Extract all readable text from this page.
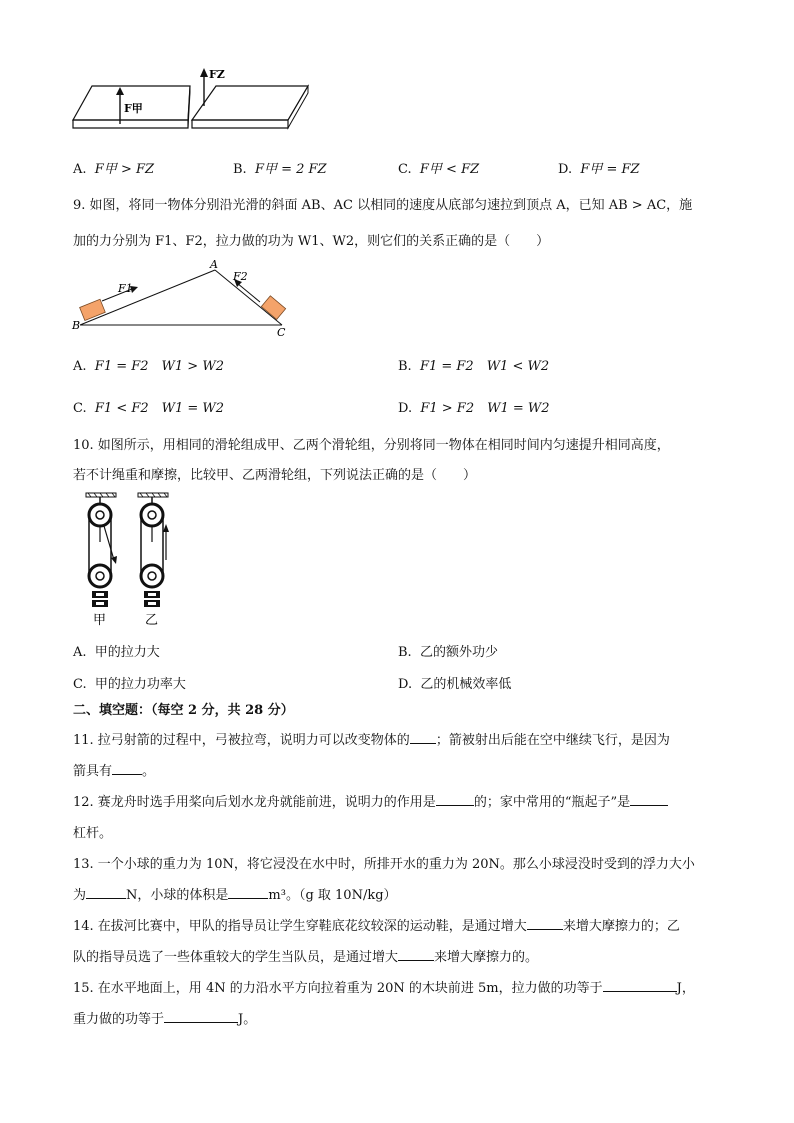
F甲
FZ
A. F甲 > FZ	B. F甲 = 2 FZ	C. F甲 < FZ	D. F甲 = FZ
9. 如图，将同一物体分别沿光滑的斜面 AB、AC 以相同的速度从底部匀速拉到顶点 A，已知 AB > AC，施
加的力分别为 F1、F2，拉力做的功为 W1、W2，则它们的关系正确的是（　　）
F1
F2
A
B
C
A. F1 = F2　W1 > W2	B. F1 = F2　W1 < W2
C. F1 < F2　W1 = W2	D. F1 > F2　W1 = W2
10. 如图所示，用相同的滑轮组成甲、乙两个滑轮组，分别将同一物体在相同时间内匀速提升相同高度，
若不计绳重和摩擦，比较甲、乙两滑轮组，下列说法正确的是（　　）
甲	乙
A. 甲的拉力大	B. 乙的额外功少
C. 甲的拉力功率大	D. 乙的机械效率低
二、填空题：（每空 2 分，共 28 分）
11. 拉弓射箭的过程中，弓被拉弯，说明力可以改变物体的 ；箭被射出后能在空中继续飞行，是因为
箭具有 。
12. 赛龙舟时选手用桨向后划水龙舟就能前进，说明力的作用是	的；家中常用的“瓶起子”是
杠杆。
13. 一个小球的重力为 10N，将它浸没在水中时，所排开水的重力为 20N。那么小球浸没时受到的浮力大小
为	N，小球的体积是	m³。（g 取 10N/kg）
14. 在拔河比赛中，甲队的指导员让学生穿鞋底花纹较深的运动鞋，是通过增大	来增大摩擦力的；乙
队的指导员选了一些体重较大的学生当队员，是通过增大	来增大摩擦力的。
15. 在水平地面上，用 4N 的力沿水平方向拉着重为 20N 的木块前进 5m，拉力做的功等于	J，
重力做的功等于	J。
